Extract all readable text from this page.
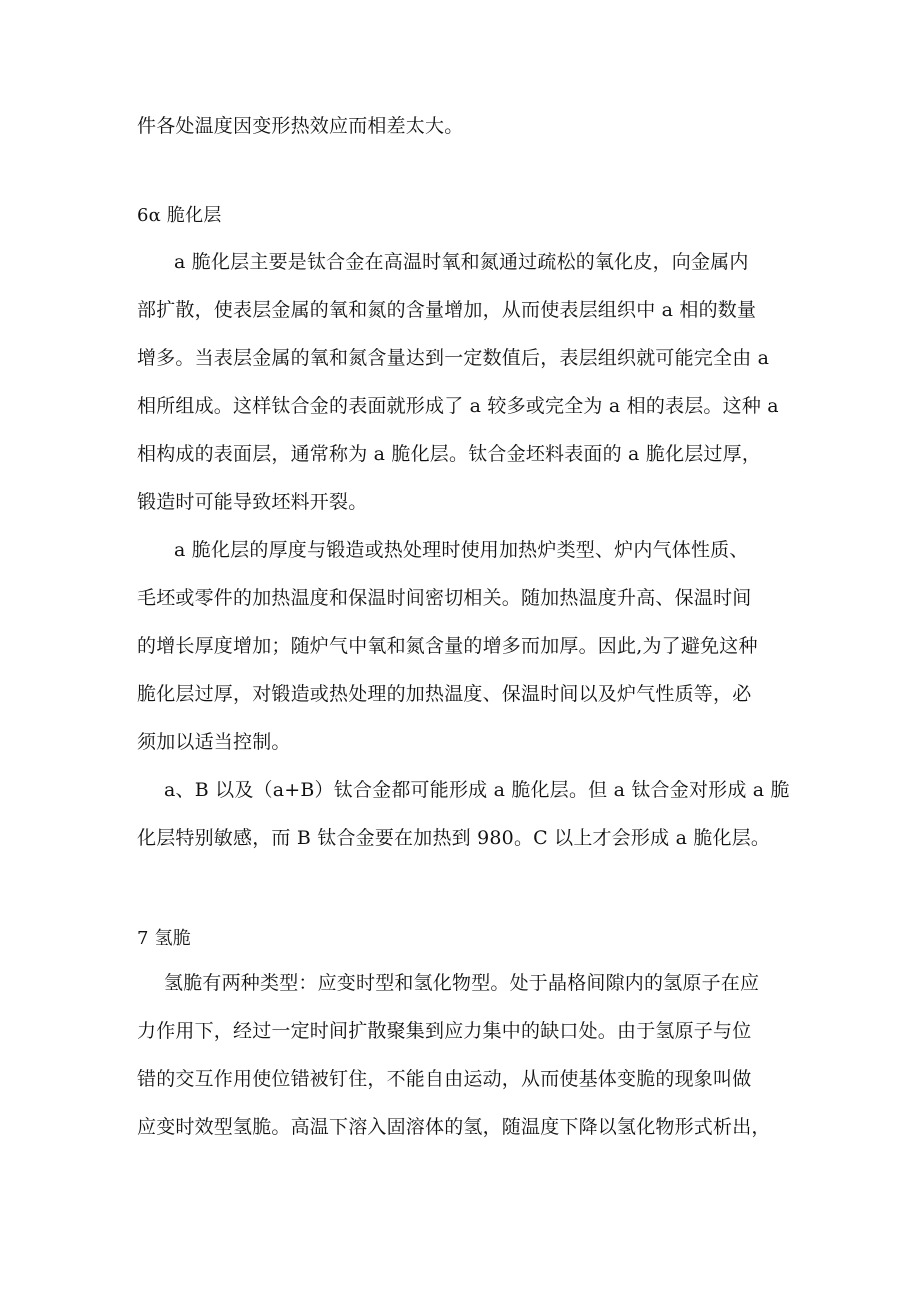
件各处温度因变形热效应而相差太大。
6α 脆化层
a 脆化层主要是钛合金在高温时氧和氮通过疏松的氧化皮，向金属内
部扩散，使表层金属的氧和氮的含量增加，从而使表层组织中 a 相的数量
增多。当表层金属的氧和氮含量达到一定数值后，表层组织就可能完全由 a
相所组成。这样钛合金的表面就形成了 a 较多或完全为 a 相的表层。这种 a
相构成的表面层，通常称为 a 脆化层。钛合金坯料表面的 a 脆化层过厚，
锻造时可能导致坯料开裂。
a 脆化层的厚度与锻造或热处理时使用加热炉类型、炉内气体性质、
毛坯或零件的加热温度和保温时间密切相关。随加热温度升高、保温时间
的增长厚度增加；随炉气中氧和氮含量的增多而加厚。因此,为了避免这种
脆化层过厚，对锻造或热处理的加热温度、保温时间以及炉气性质等，必
须加以适当控制。
a、B 以及（a+B）钛合金都可能形成 a 脆化层。但 a 钛合金对形成 a 脆
化层特别敏感，而 B 钛合金要在加热到 980。C 以上才会形成 a 脆化层。
7 氢脆
氢脆有两种类型：应变时型和氢化物型。处于晶格间隙内的氢原子在应
力作用下，经过一定时间扩散聚集到应力集中的缺口处。由于氢原子与位
错的交互作用使位错被钉住，不能自由运动，从而使基体变脆的现象叫做
应变时效型氢脆。高温下溶入固溶体的氢，随温度下降以氢化物形式析出，
